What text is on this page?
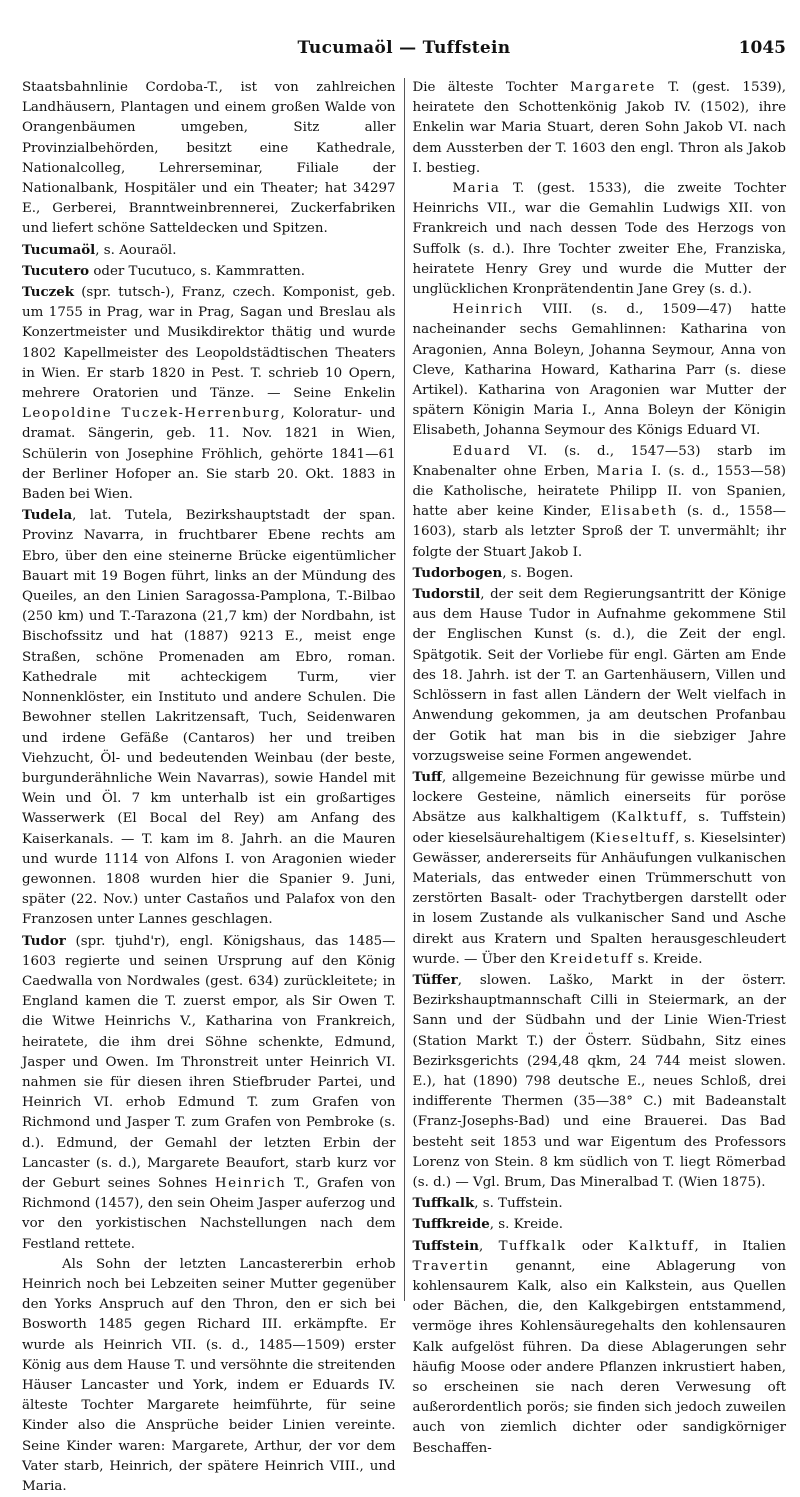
Tucumaöl — Tuffstein	1045

Staatsbahnlinie Cordoba-T., ist von zahlreichen Landhäusern, Plantagen und einem großen Walde von Orangenbäumen umgeben, Sitz aller Provinzialbehörden, besitzt eine Kathedrale, Nationalcolleg, Lehrerseminar, Filiale der Nationalbank, Hospitäler und ein Theater; hat 34297 E., Gerberei, Branntweinbrennerei, Zuckerfabriken und liefert schöne Satteldecken und Spitzen.

Tucumaöl, s. Aouraöl.

Tucutero oder Tucutuco, s. Kammratten.

Tuczek (spr. tutsch-), Franz, czech. Komponist, geb. um 1755 in Prag, war in Prag, Sagan und Breslau als Konzertmeister und Musikdirektor thätig und wurde 1802 Kapellmeister des Leopoldstädtischen Theaters in Wien. Er starb 1820 in Pest. T. schrieb 10 Opern, mehrere Oratorien und Tänze. — Seine Enkelin Leopoldine Tuczek-Herrenburg, Koloratur- und dramat. Sängerin, geb. 11. Nov. 1821 in Wien, Schülerin von Josephine Fröhlich, gehörte 1841—61 der Berliner Hofoper an. Sie starb 20. Okt. 1883 in Baden bei Wien.

Tudela, lat. Tutela, Bezirkshauptstadt der span. Provinz Navarra, in fruchtbarer Ebene rechts am Ebro, über den eine steinerne Brücke eigentümlicher Bauart mit 19 Bogen führt, links an der Mündung des Queiles, an den Linien Saragossa-Pamplona, T.-Bilbao (250 km) und T.-Tarazona (21,7 km) der Nordbahn, ist Bischofssitz und hat (1887) 9213 E., meist enge Straßen, schöne Promenaden am Ebro, roman. Kathedrale mit achteckigem Turm, vier Nonnenklöster, ein Instituto und andere Schulen. Die Bewohner stellen Lakritzensaft, Tuch, Seidenwaren und irdene Gefäße (Cantaros) her und treiben Viehzucht, Öl- und bedeutenden Weinbau (der beste, burgunderähnliche Wein Navarras), sowie Handel mit Wein und Öl. 7 km unterhalb ist ein großartiges Wasserwerk (El Bocal del Rey) am Anfang des Kaiserkanals. — T. kam im 8. Jahrh. an die Mauren und wurde 1114 von Alfons I. von Aragonien wieder gewonnen. 1808 wurden hier die Spanier 9. Juni, später (22. Nov.) unter Castaños und Palafox von den Franzosen unter Lannes geschlagen.

Tudor (spr. tjuhd'r), engl. Königshaus, das 1485—1603 regierte und seinen Ursprung auf den König Caedwalla von Nordwales (gest. 634) zurückleitete; in England kamen die T. zuerst empor, als Sir Owen T. die Witwe Heinrichs V., Katharina von Frankreich, heiratete, die ihm drei Söhne schenkte, Edmund, Jasper und Owen. Im Thronstreit unter Heinrich VI. nahmen sie für diesen ihren Stiefbruder Partei, und Heinrich VI. erhob Edmund T. zum Grafen von Richmond und Jasper T. zum Grafen von Pembroke (s. d.). Edmund, der Gemahl der letzten Erbin der Lancaster (s. d.), Margarete Beaufort, starb kurz vor der Geburt seines Sohnes Heinrich T., Grafen von Richmond (1457), den sein Oheim Jasper auferzog und vor den yorkistischen Nachstellungen nach dem Festland rettete.

Als Sohn der letzten Lancastererbin erhob Heinrich noch bei Lebzeiten seiner Mutter gegenüber den Yorks Anspruch auf den Thron, den er sich bei Bosworth 1485 gegen Richard III. erkämpfte. Er wurde als Heinrich VII. (s. d., 1485—1509) erster König aus dem Hause T. und versöhnte die streitenden Häuser Lancaster und York, indem er Eduards IV. älteste Tochter Margarete heimführte, für seine Kinder also die Ansprüche beider Linien vereinte. Seine Kinder waren: Margarete, Arthur, der vor dem Vater starb, Heinrich, der spätere Heinrich VIII., und Maria.

Die älteste Tochter Margarete T. (gest. 1539), heiratete den Schottenkönig Jakob IV. (1502), ihre Enkelin war Maria Stuart, deren Sohn Jakob VI. nach dem Aussterben der T. 1603 den engl. Thron als Jakob I. bestieg.

Maria T. (gest. 1533), die zweite Tochter Heinrichs VII., war die Gemahlin Ludwigs XII. von Frankreich und nach dessen Tode des Herzogs von Suffolk (s. d.). Ihre Tochter zweiter Ehe, Franziska, heiratete Henry Grey und wurde die Mutter der unglücklichen Kronprätendentin Jane Grey (s. d.).

Heinrich VIII. (s. d., 1509—47) hatte nacheinander sechs Gemahlinnen: Katharina von Aragonien, Anna Boleyn, Johanna Seymour, Anna von Cleve, Katharina Howard, Katharina Parr (s. diese Artikel). Katharina von Aragonien war Mutter der spätern Königin Maria I., Anna Boleyn der Königin Elisabeth, Johanna Seymour des Königs Eduard VI.

Eduard VI. (s. d., 1547—53) starb im Knabenalter ohne Erben, Maria I. (s. d., 1553—58) die Katholische, heiratete Philipp II. von Spanien, hatte aber keine Kinder, Elisabeth (s. d., 1558—1603), starb als letzter Sproß der T. unvermählt; ihr folgte der Stuart Jakob I.

Tudorbogen, s. Bogen.

Tudorstil, der seit dem Regierungsantritt der Könige aus dem Hause Tudor in Aufnahme gekommene Stil der Englischen Kunst (s. d.), die Zeit der engl. Spätgotik. Seit der Vorliebe für engl. Gärten am Ende des 18. Jahrh. ist der T. an Gartenhäusern, Villen und Schlössern in fast allen Ländern der Welt vielfach in Anwendung gekommen, ja am deutschen Profanbau der Gotik hat man bis in die siebziger Jahre vorzugsweise seine Formen angewendet.

Tuff, allgemeine Bezeichnung für gewisse mürbe und lockere Gesteine, nämlich einerseits für poröse Absätze aus kalkhaltigem (Kalktuff, s. Tuffstein) oder kieselsäurehaltigem (Kieseltuff, s. Kieselsinter) Gewässer, andererseits für Anhäufungen vulkanischen Materials, das entweder einen Trümmerschutt von zerstörten Basalt- oder Trachytbergen darstellt oder in losem Zustande als vulkanischer Sand und Asche direkt aus Kratern und Spalten herausgeschleudert wurde. — Über den Kreidetuff s. Kreide.

Tüffer, slowen. Laško, Markt in der österr. Bezirkshauptmannschaft Cilli in Steiermark, an der Sann und der Südbahn und der Linie Wien-Triest (Station Markt T.) der Österr. Südbahn, Sitz eines Bezirksgerichts (294,48 qkm, 24 744 meist slowen. E.), hat (1890) 798 deutsche E., neues Schloß, drei indifferente Thermen (35—38° C.) mit Badeanstalt (Franz-Josephs-Bad) und eine Brauerei. Das Bad besteht seit 1853 und war Eigentum des Professors Lorenz von Stein. 8 km südlich von T. liegt Römerbad (s. d.) — Vgl. Brum, Das Mineralbad T. (Wien 1875).

Tuffkalk, s. Tuffstein.

Tuffkreide, s. Kreide.

Tuffstein, Tuffkalk oder Kalktuff, in Italien Travertin genannt, eine Ablagerung von kohlensaurem Kalk, also ein Kalkstein, aus Quellen oder Bächen, die, den Kalkgebirgen entstammend, vermöge ihres Kohlensäuregehalts den kohlensauren Kalk aufgelöst führen. Da diese Ablagerungen sehr häufig Moose oder andere Pflanzen inkrustiert haben, so erscheinen sie nach deren Verwesung oft außerordentlich porös; sie finden sich jedoch zuweilen auch von ziemlich dichter oder sandigkörniger Beschaffen-
